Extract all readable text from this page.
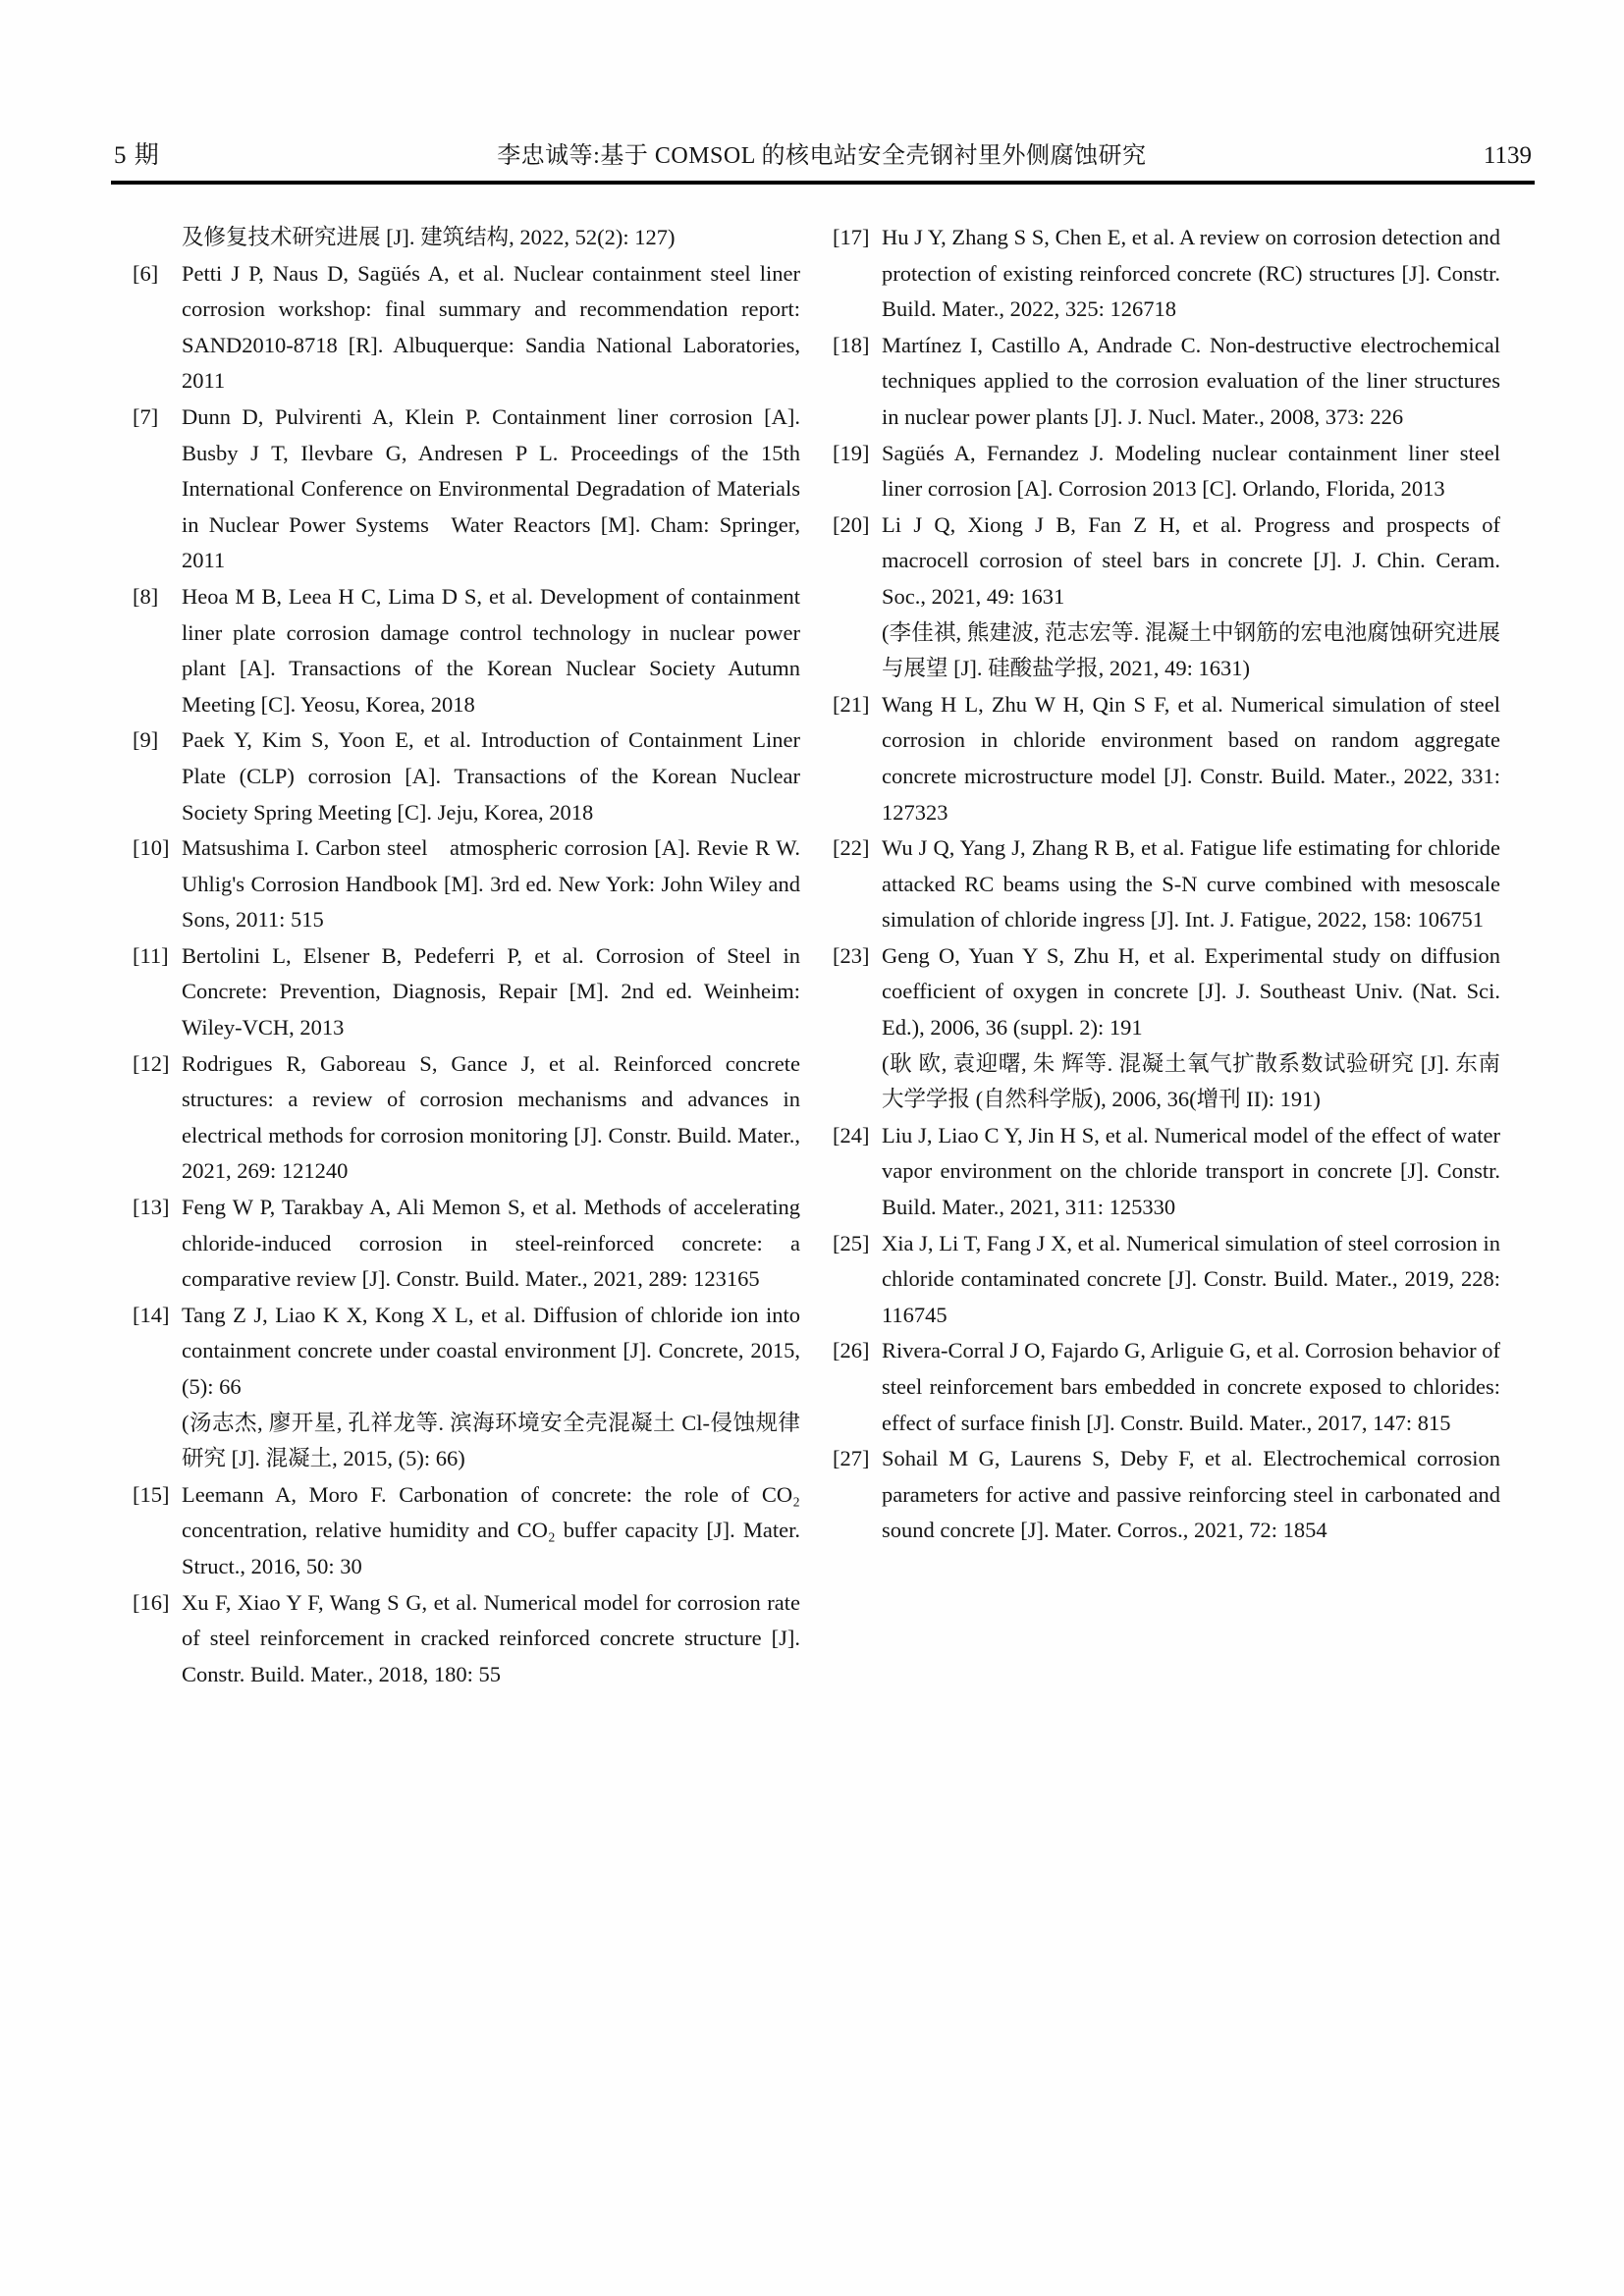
5 期	李忠诚等:基于 COMSOL 的核电站安全壳钢衬里外侧腐蚀研究	1139
及修复技术研究进展 [J]. 建筑结构, 2022, 52(2): 127)
[6] Petti J P, Naus D, Sagüés A, et al. Nuclear containment steel liner corrosion workshop: final summary and recommendation report: SAND2010-8718 [R]. Albuquerque: Sandia National Laboratories, 2011
[7] Dunn D, Pulvirenti A, Klein P. Containment liner corrosion [A]. Busby J T, Ilevbare G, Andresen P L. Proceedings of the 15th International Conference on Environmental Degradation of Materials in Nuclear Power Systems  Water Reactors [M]. Cham: Springer, 2011
[8] Heoa M B, Leea H C, Lima D S, et al. Development of containment liner plate corrosion damage control technology in nuclear power plant [A]. Transactions of the Korean Nuclear Society Autumn Meeting [C]. Yeosu, Korea, 2018
[9] Paek Y, Kim S, Yoon E, et al. Introduction of Containment Liner Plate (CLP) corrosion [A]. Transactions of the Korean Nuclear Society Spring Meeting [C]. Jeju, Korea, 2018
[10] Matsushima I. Carbon steel  atmospheric corrosion [A]. Revie R W. Uhlig's Corrosion Handbook [M]. 3rd ed. New York: John Wiley and Sons, 2011: 515
[11] Bertolini L, Elsener B, Pedeferri P, et al. Corrosion of Steel in Concrete: Prevention, Diagnosis, Repair [M]. 2nd ed. Weinheim: Wiley-VCH, 2013
[12] Rodrigues R, Gaboreau S, Gance J, et al. Reinforced concrete structures: a review of corrosion mechanisms and advances in electrical methods for corrosion monitoring [J]. Constr. Build. Mater., 2021, 269: 121240
[13] Feng W P, Tarakbay A, Ali Memon S, et al. Methods of accelerating chloride-induced corrosion in steel-reinforced concrete: a comparative review [J]. Constr. Build. Mater., 2021, 289: 123165
[14] Tang Z J, Liao K X, Kong X L, et al. Diffusion of chloride ion into containment concrete under coastal environment [J]. Concrete, 2015, (5): 66
(汤志杰, 廖开星, 孔祥龙等. 滨海环境安全壳混凝土 Cl-侵蚀规律研究 [J]. 混凝土, 2015, (5): 66)
[15] Leemann A, Moro F. Carbonation of concrete: the role of CO₂ concentration, relative humidity and CO₂ buffer capacity [J]. Mater. Struct., 2016, 50: 30
[16] Xu F, Xiao Y F, Wang S G, et al. Numerical model for corrosion rate of steel reinforcement in cracked reinforced concrete structure [J]. Constr. Build. Mater., 2018, 180: 55
[17] Hu J Y, Zhang S S, Chen E, et al. A review on corrosion detection and protection of existing reinforced concrete (RC) structures [J]. Constr. Build. Mater., 2022, 325: 126718
[18] Martínez I, Castillo A, Andrade C. Non-destructive electrochemical techniques applied to the corrosion evaluation of the liner structures in nuclear power plants [J]. J. Nucl. Mater., 2008, 373: 226
[19] Sagüés A, Fernandez J. Modeling nuclear containment liner steel liner corrosion [A]. Corrosion 2013 [C]. Orlando, Florida, 2013
[20] Li J Q, Xiong J B, Fan Z H, et al. Progress and prospects of macrocell corrosion of steel bars in concrete [J]. J. Chin. Ceram. Soc., 2021, 49: 1631
(李佳祺, 熊建波, 范志宏等. 混凝土中钢筋的宏电池腐蚀研究进展与展望 [J]. 硅酸盐学报, 2021, 49: 1631)
[21] Wang H L, Zhu W H, Qin S F, et al. Numerical simulation of steel corrosion in chloride environment based on random aggregate concrete microstructure model [J]. Constr. Build. Mater., 2022, 331: 127323
[22] Wu J Q, Yang J, Zhang R B, et al. Fatigue life estimating for chloride attacked RC beams using the S-N curve combined with mesoscale simulation of chloride ingress [J]. Int. J. Fatigue, 2022, 158: 106751
[23] Geng O, Yuan Y S, Zhu H, et al. Experimental study on diffusion coefficient of oxygen in concrete [J]. J. Southeast Univ. (Nat. Sci. Ed.), 2006, 36 (suppl. 2): 191
(耿 欧, 袁迎曙, 朱 辉等. 混凝土氧气扩散系数试验研究 [J]. 东南大学学报 (自然科学版), 2006, 36(增刊 II): 191)
[24] Liu J, Liao C Y, Jin H S, et al. Numerical model of the effect of water vapor environment on the chloride transport in concrete [J]. Constr. Build. Mater., 2021, 311: 125330
[25] Xia J, Li T, Fang J X, et al. Numerical simulation of steel corrosion in chloride contaminated concrete [J]. Constr. Build. Mater., 2019, 228: 116745
[26] Rivera-Corral J O, Fajardo G, Arliguie G, et al. Corrosion behavior of steel reinforcement bars embedded in concrete exposed to chlorides: effect of surface finish [J]. Constr. Build. Mater., 2017, 147: 815
[27] Sohail M G, Laurens S, Deby F, et al. Electrochemical corrosion parameters for active and passive reinforcing steel in carbonated and sound concrete [J]. Mater. Corros., 2021, 72: 1854
